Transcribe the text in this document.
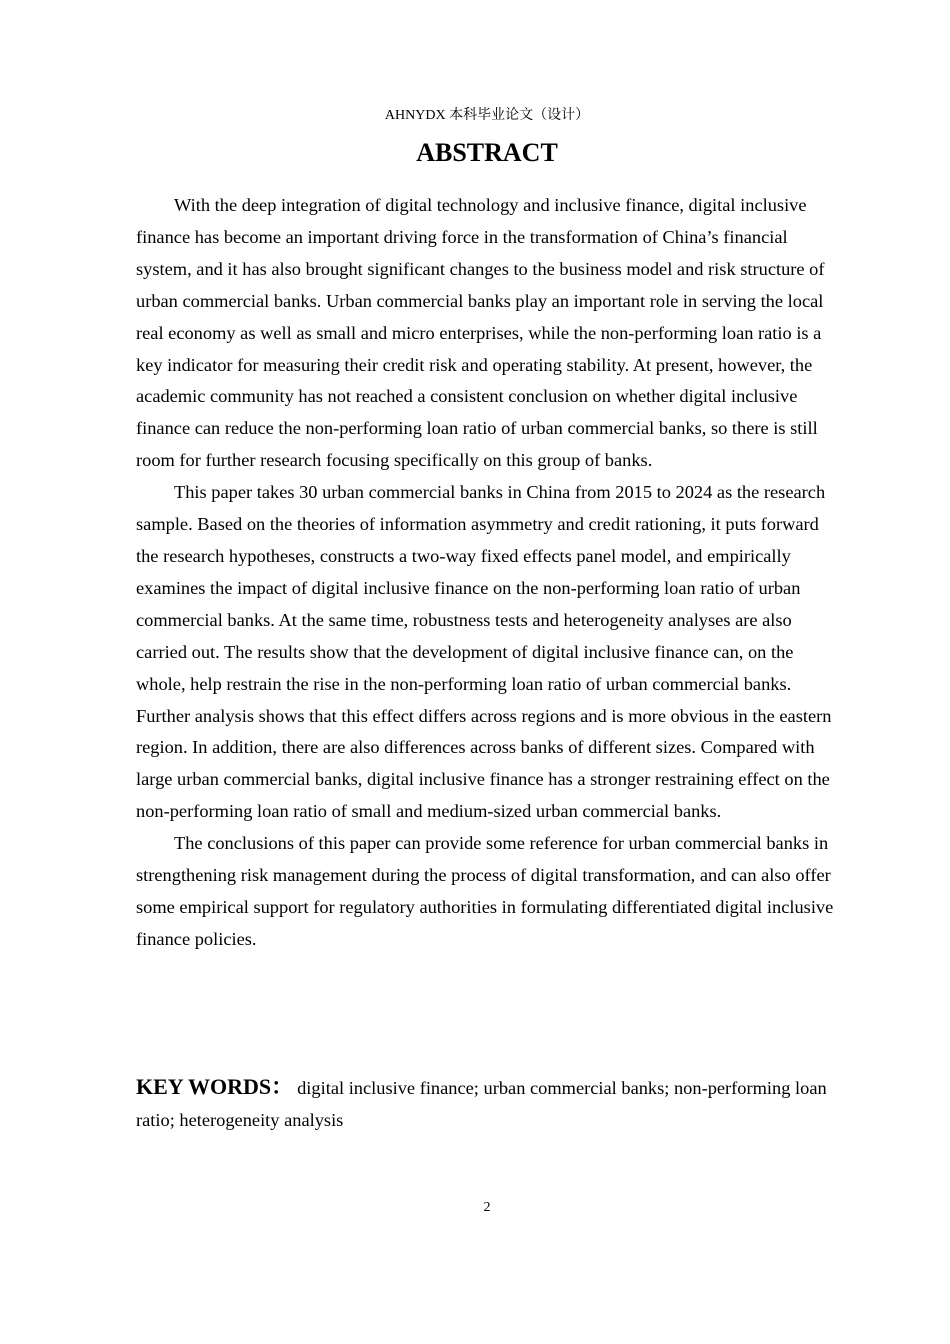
AHNYDX 本科毕业论文（设计）
ABSTRACT

With the deep integration of digital technology and inclusive finance, digital inclusive finance has become an important driving force in the transformation of China’s financial system, and it has also brought significant changes to the business model and risk structure of urban commercial banks. Urban commercial banks play an important role in serving the local real economy as well as small and micro enterprises, while the non-performing loan ratio is a key indicator for measuring their credit risk and operating stability. At present, however, the academic community has not reached a consistent conclusion on whether digital inclusive finance can reduce the non-performing loan ratio of urban commercial banks, so there is still room for further research focusing specifically on this group of banks.

This paper takes 30 urban commercial banks in China from 2015 to 2024 as the research sample. Based on the theories of information asymmetry and credit rationing, it puts forward the research hypotheses, constructs a two-way fixed effects panel model, and empirically examines the impact of digital inclusive finance on the non-performing loan ratio of urban commercial banks. At the same time, robustness tests and heterogeneity analyses are also carried out. The results show that the development of digital inclusive finance can, on the whole, help restrain the rise in the non-performing loan ratio of urban commercial banks. Further analysis shows that this effect differs across regions and is more obvious in the eastern region. In addition, there are also differences across banks of different sizes. Compared with large urban commercial banks, digital inclusive finance has a stronger restraining effect on the non-performing loan ratio of small and medium-sized urban commercial banks.

The conclusions of this paper can provide some reference for urban commercial banks in strengthening risk management during the process of digital transformation, and can also offer some empirical support for regulatory authorities in formulating differentiated digital inclusive finance policies.

KEY WORDS： digital inclusive finance; urban commercial banks; non-performing loan ratio; heterogeneity analysis

2
